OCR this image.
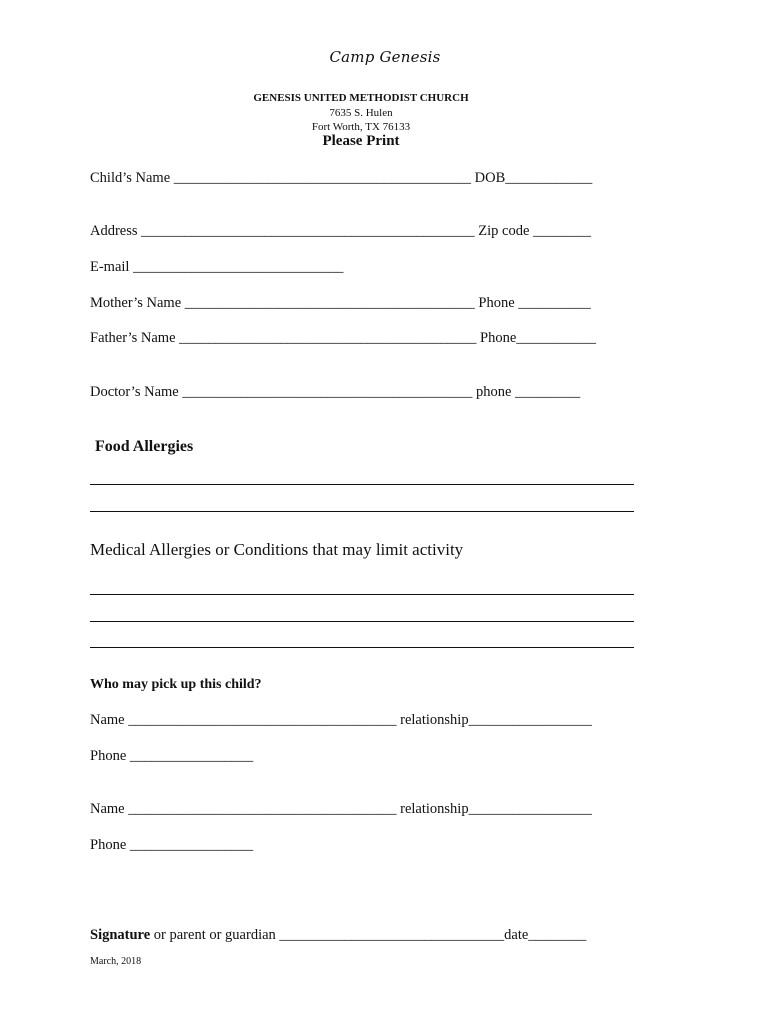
Camp Genesis
GENESIS UNITED METHODIST CHURCH
7635 S. Hulen
Fort Worth, TX 76133
Please Print
Child’s Name _________________________________________ DOB____________
Address ______________________________________________ Zip code ________
E-mail _____________________________
Mother’s Name ________________________________________ Phone __________
Father’s Name _________________________________________ Phone___________
Doctor’s Name ________________________________________ phone _________
Food Allergies
Medical Allergies or Conditions that may limit activity
Who may pick up this child?
Name _____________________________________ relationship_________________
Phone _________________
Name _____________________________________ relationship_________________
Phone _________________
Signature or parent or guardian _______________________________date________
March, 2018
